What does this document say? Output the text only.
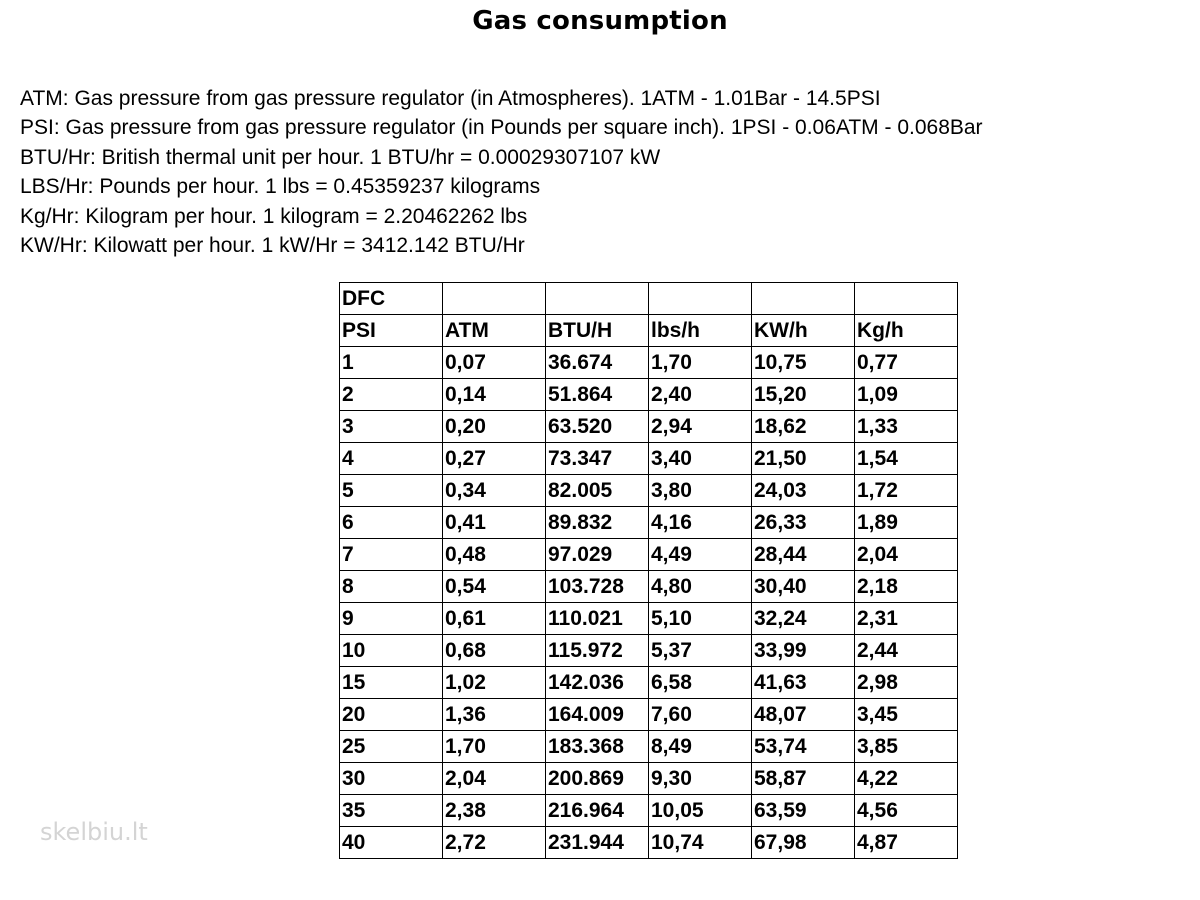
Gas consumption
ATM: Gas pressure from gas pressure regulator (in Atmospheres). 1ATM - 1.01Bar - 14.5PSI
PSI: Gas pressure from gas pressure regulator (in Pounds per square inch). 1PSI - 0.06ATM - 0.068Bar
BTU/Hr: British thermal unit per hour. 1 BTU/hr = 0.00029307107 kW
LBS/Hr: Pounds per hour. 1 lbs = 0.45359237 kilograms
Kg/Hr: Kilogram per hour. 1 kilogram = 2.20462262 lbs
KW/Hr: Kilowatt per hour. 1 kW/Hr = 3412.142 BTU/Hr
DFC					
PSI	ATM	BTU/H	lbs/h	KW/h	Kg/h
1	0,07	36.674	1,70	10,75	0,77
2	0,14	51.864	2,40	15,20	1,09
3	0,20	63.520	2,94	18,62	1,33
4	0,27	73.347	3,40	21,50	1,54
5	0,34	82.005	3,80	24,03	1,72
6	0,41	89.832	4,16	26,33	1,89
7	0,48	97.029	4,49	28,44	2,04
8	0,54	103.728	4,80	30,40	2,18
9	0,61	110.021	5,10	32,24	2,31
10	0,68	115.972	5,37	33,99	2,44
15	1,02	142.036	6,58	41,63	2,98
20	1,36	164.009	7,60	48,07	3,45
25	1,70	183.368	8,49	53,74	3,85
30	2,04	200.869	9,30	58,87	4,22
35	2,38	216.964	10,05	63,59	4,56
40	2,72	231.944	10,74	67,98	4,87
skelbiu.lt
